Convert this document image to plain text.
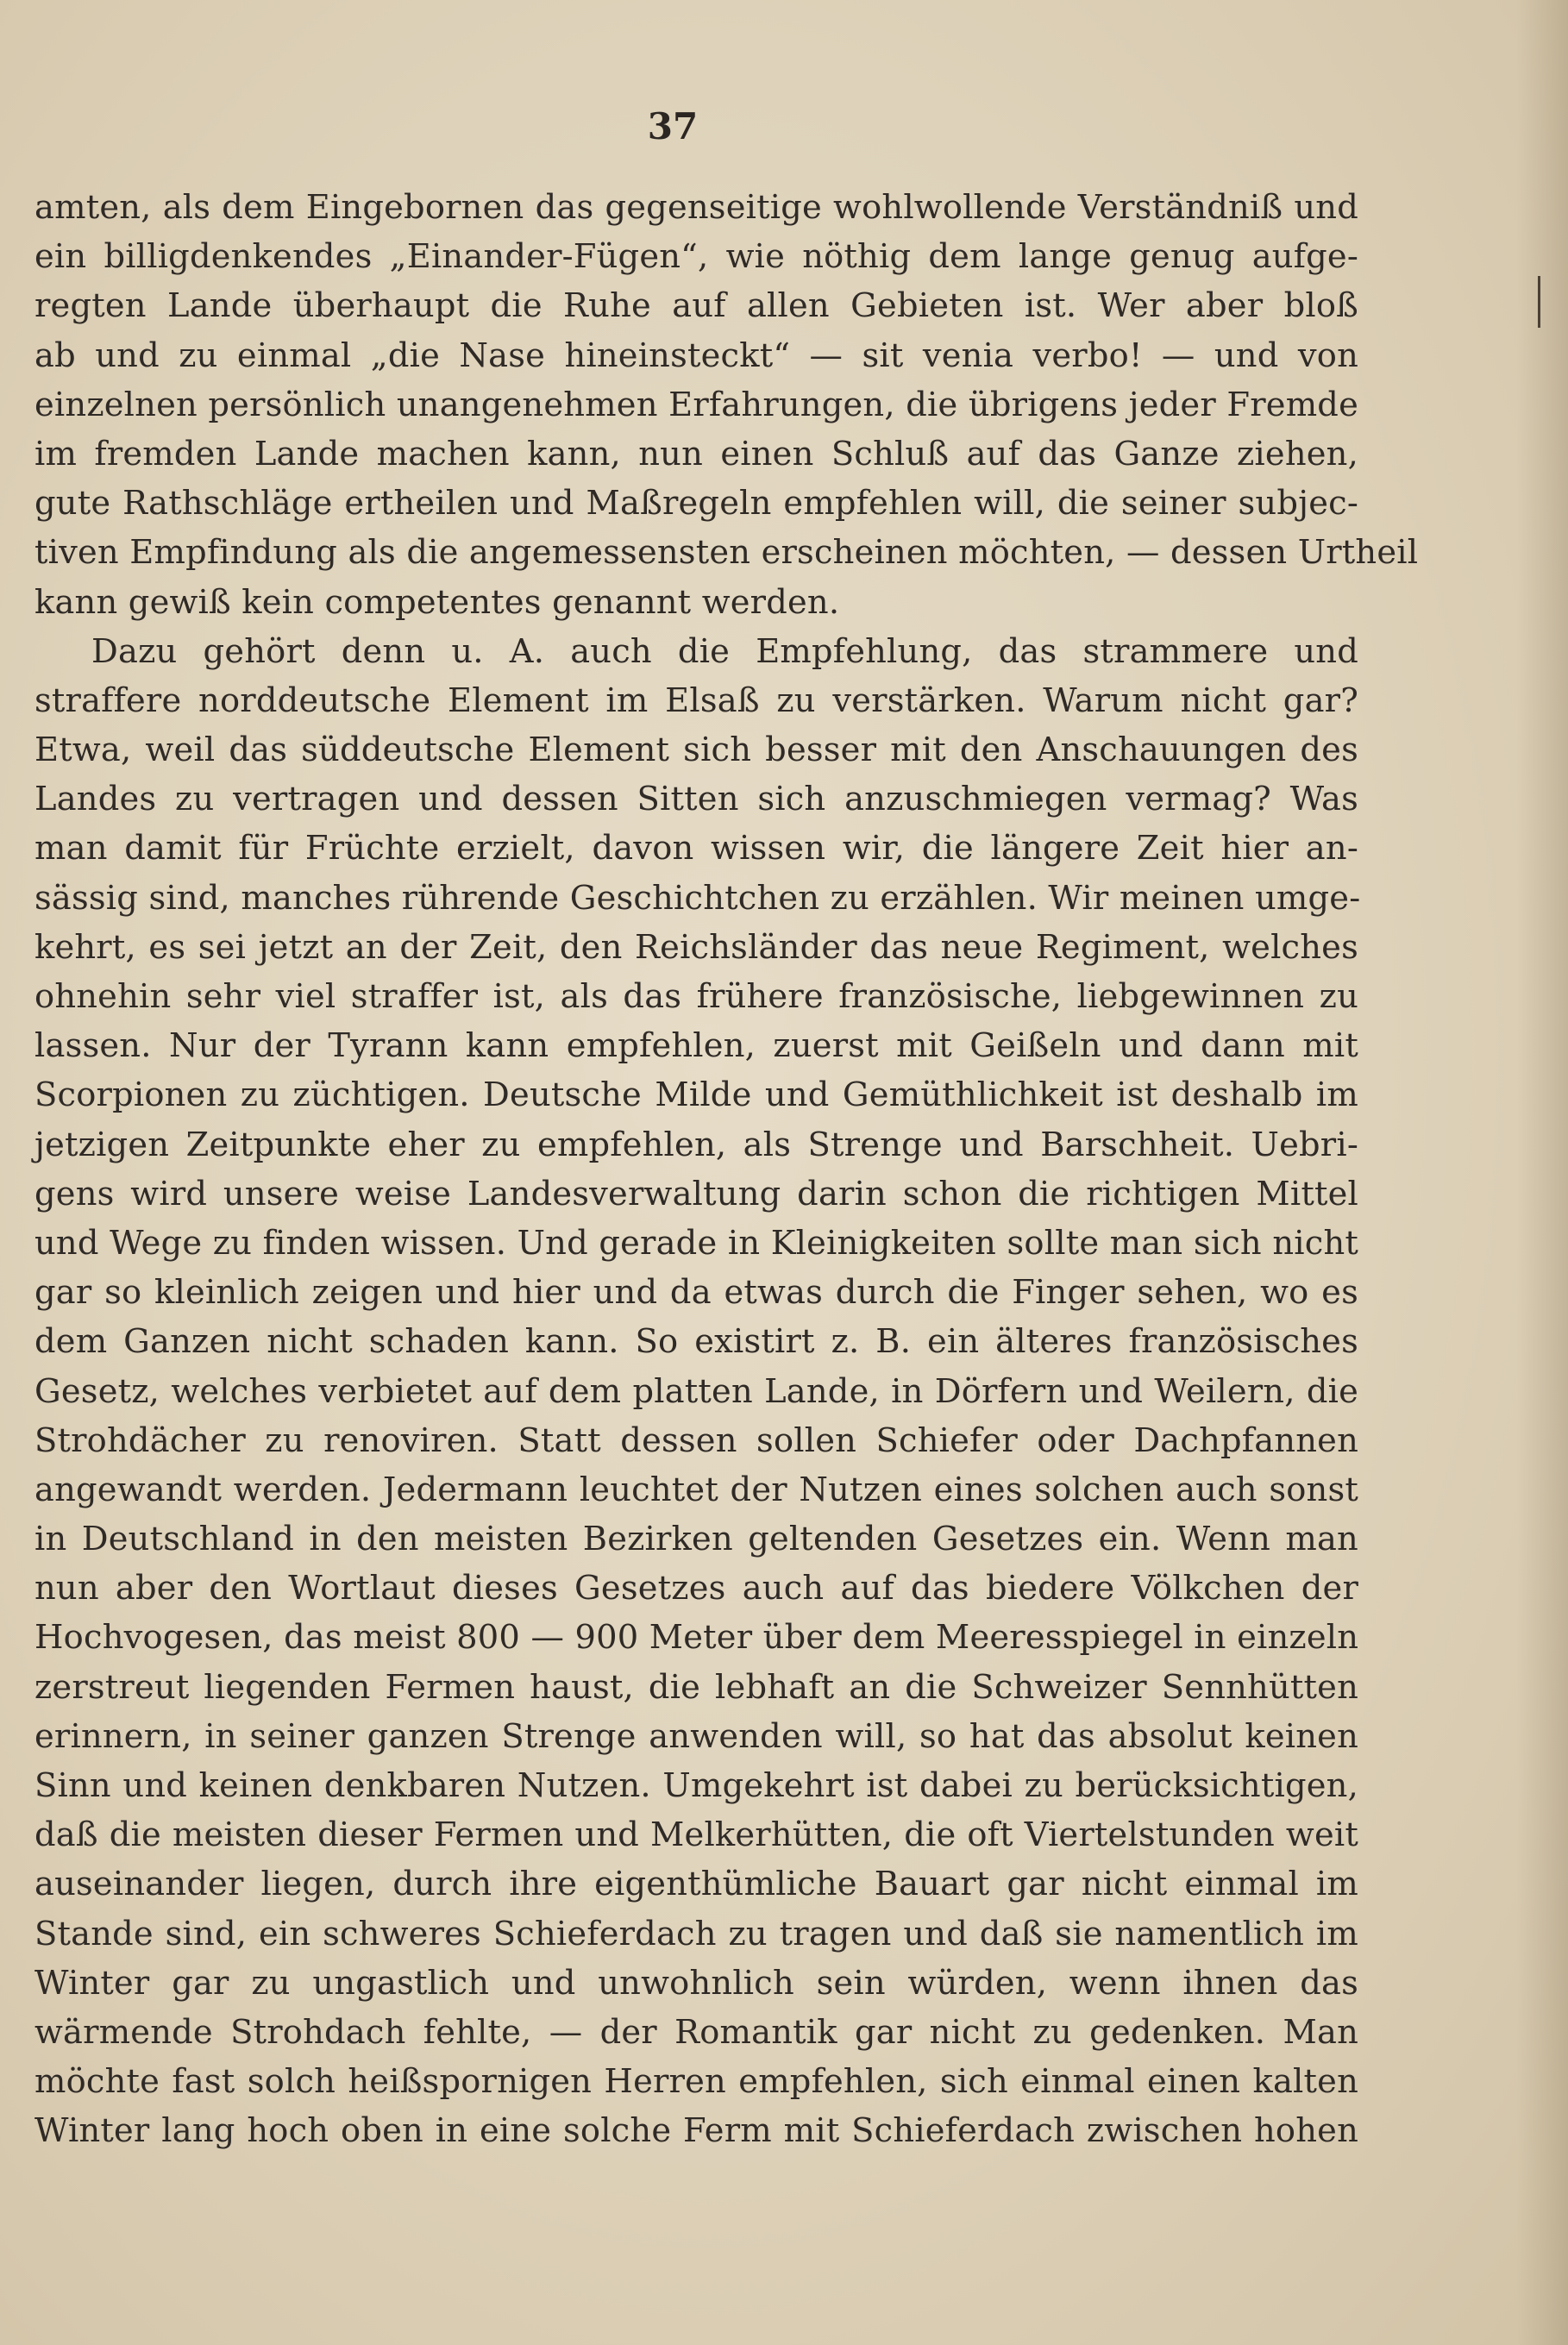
37
amten, als dem Eingebornen das gegenseitige wohlwollende Verständniß und
ein billigdenkendes „Einander-Fügen“, wie nöthig dem lange genug aufge-
regten Lande überhaupt die Ruhe auf allen Gebieten ist. Wer aber bloß
ab und zu einmal „die Nase hineinsteckt“ — sit venia verbo! — und von
einzelnen persönlich unangenehmen Erfahrungen, die übrigens jeder Fremde
im fremden Lande machen kann, nun einen Schluß auf das Ganze ziehen,
gute Rathschläge ertheilen und Maßregeln empfehlen will, die seiner subjec-
tiven Empfindung als die angemessensten erscheinen möchten, — dessen Urtheil
kann gewiß kein competentes genannt werden.
Dazu gehört denn u. A. auch die Empfehlung, das strammere und
straffere norddeutsche Element im Elsaß zu verstärken. Warum nicht gar?
Etwa, weil das süddeutsche Element sich besser mit den Anschauungen des
Landes zu vertragen und dessen Sitten sich anzuschmiegen vermag? Was
man damit für Früchte erzielt, davon wissen wir, die längere Zeit hier an-
sässig sind, manches rührende Geschichtchen zu erzählen. Wir meinen umge-
kehrt, es sei jetzt an der Zeit, den Reichsländer das neue Regiment, welches
ohnehin sehr viel straffer ist, als das frühere französische, liebgewinnen zu
lassen. Nur der Tyrann kann empfehlen, zuerst mit Geißeln und dann mit
Scorpionen zu züchtigen. Deutsche Milde und Gemüthlichkeit ist deshalb im
jetzigen Zeitpunkte eher zu empfehlen, als Strenge und Barschheit. Uebri-
gens wird unsere weise Landesverwaltung darin schon die richtigen Mittel
und Wege zu finden wissen. Und gerade in Kleinigkeiten sollte man sich nicht
gar so kleinlich zeigen und hier und da etwas durch die Finger sehen, wo es
dem Ganzen nicht schaden kann. So existirt z. B. ein älteres französisches
Gesetz, welches verbietet auf dem platten Lande, in Dörfern und Weilern, die
Strohdächer zu renoviren. Statt dessen sollen Schiefer oder Dachpfannen
angewandt werden. Jedermann leuchtet der Nutzen eines solchen auch sonst
in Deutschland in den meisten Bezirken geltenden Gesetzes ein. Wenn man
nun aber den Wortlaut dieses Gesetzes auch auf das biedere Völkchen der
Hochvogesen, das meist 800 — 900 Meter über dem Meeresspiegel in einzeln
zerstreut liegenden Fermen haust, die lebhaft an die Schweizer Sennhütten
erinnern, in seiner ganzen Strenge anwenden will, so hat das absolut keinen
Sinn und keinen denkbaren Nutzen. Umgekehrt ist dabei zu berücksichtigen,
daß die meisten dieser Fermen und Melkerhütten, die oft Viertelstunden weit
auseinander liegen, durch ihre eigenthümliche Bauart gar nicht einmal im
Stande sind, ein schweres Schieferdach zu tragen und daß sie namentlich im
Winter gar zu ungastlich und unwohnlich sein würden, wenn ihnen das
wärmende Strohdach fehlte, — der Romantik gar nicht zu gedenken. Man
möchte fast solch heißspornigen Herren empfehlen, sich einmal einen kalten
Winter lang hoch oben in eine solche Ferm mit Schieferdach zwischen hohen
